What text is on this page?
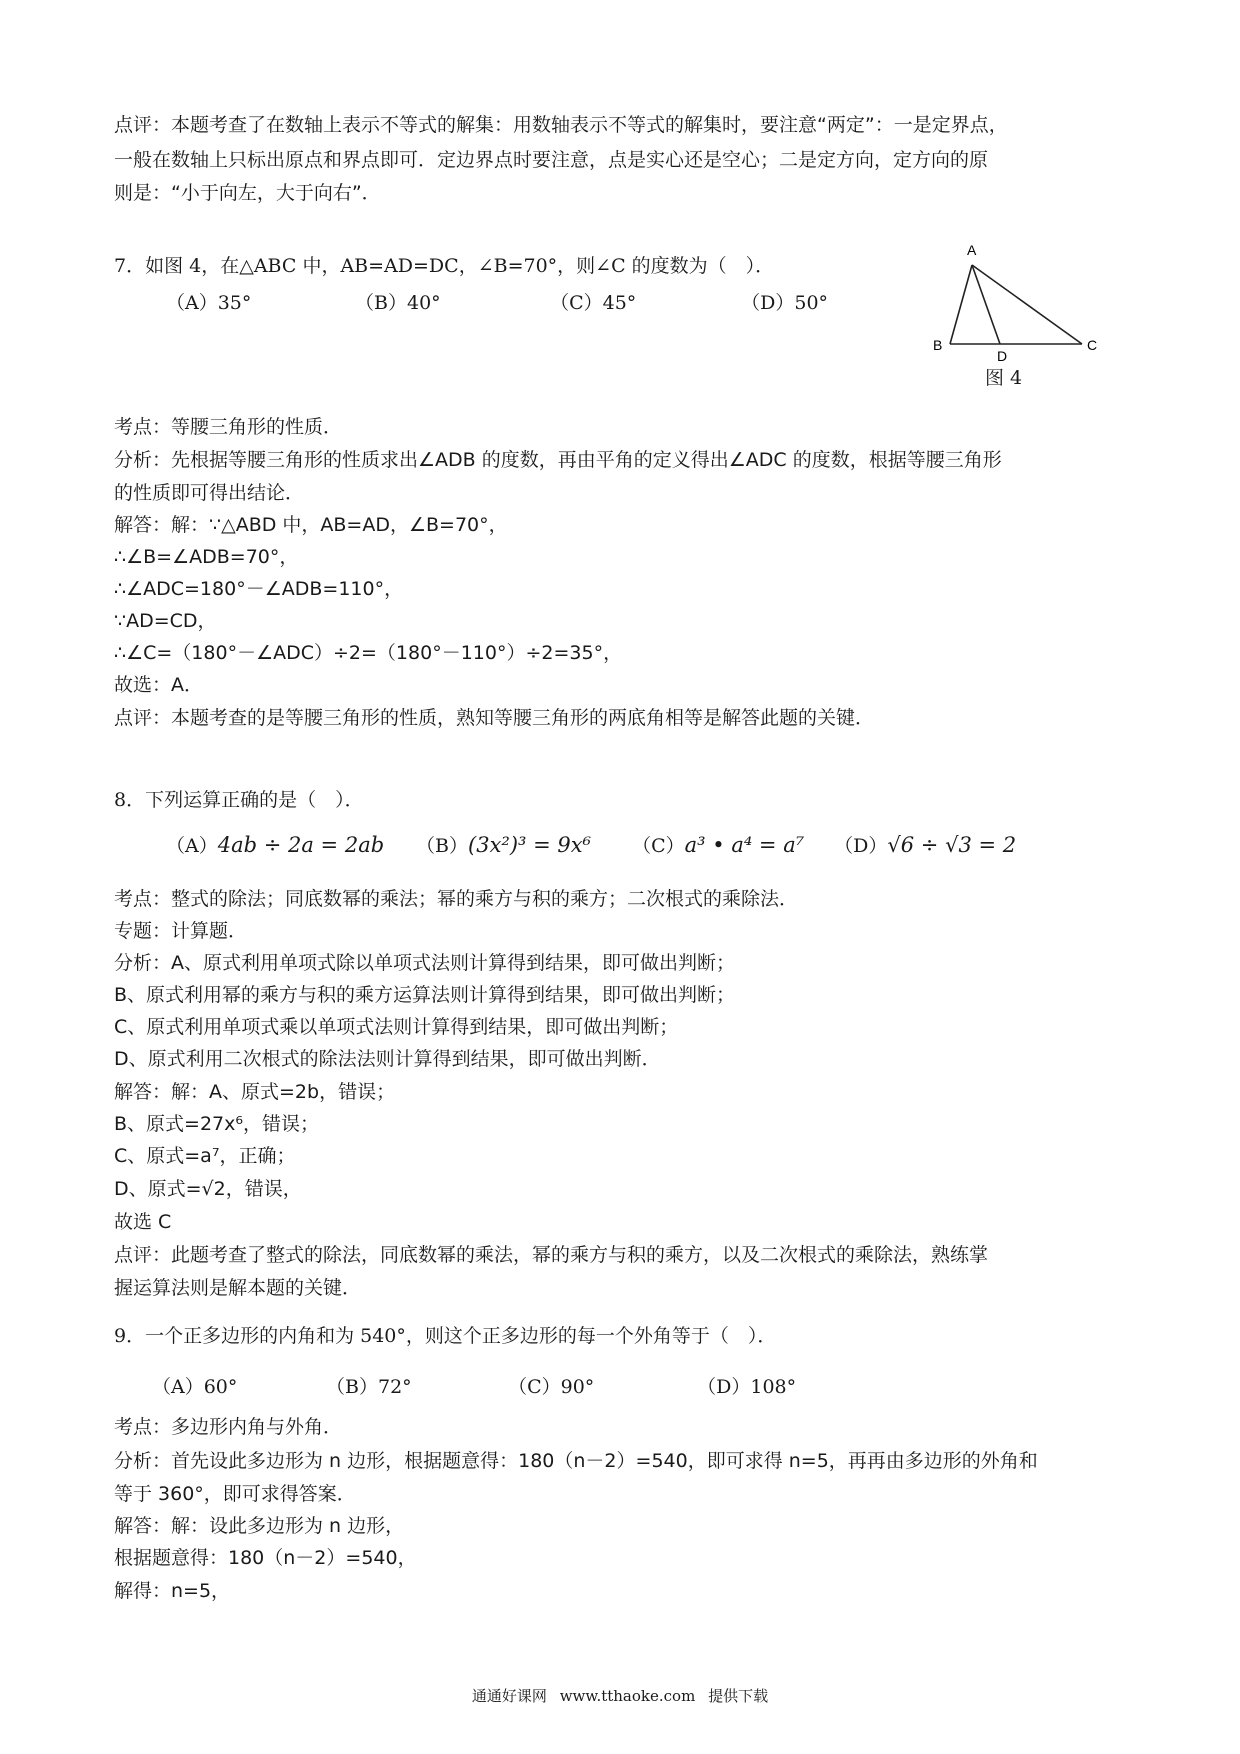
点评：本题考查了在数轴上表示不等式的解集：用数轴表示不等式的解集时，要注意“两定”：一是定界点，
一般在数轴上只标出原点和界点即可．定边界点时要注意，点是实心还是空心；二是定方向，定方向的原
则是：“小于向左，大于向右”．
7．如图 4，在△ABC 中，AB=AD=DC，∠B=70°，则∠C 的度数为（　）．
（A）35°	（B）40°	（C）45°	（D）50°
A
B
D
C
图 4
考点：等腰三角形的性质．
分析：先根据等腰三角形的性质求出∠ADB 的度数，再由平角的定义得出∠ADC 的度数，根据等腰三角形
的性质即可得出结论．
解答：解：∵△ABD 中，AB=AD，∠B=70°，
∴∠B=∠ADB=70°，
∴∠ADC=180°－∠ADB=110°，
∵AD=CD，
∴∠C=（180°－∠ADC）÷2=（180°－110°）÷2=35°，
故选：A．
点评：本题考查的是等腰三角形的性质，熟知等腰三角形的两底角相等是解答此题的关键．
8．下列运算正确的是（　）．
（A）4ab ÷ 2a = 2ab （B）(3x²)³ = 9x⁶ （C）a³ • a⁴ = a⁷ （D）√6 ÷ √3 = 2
考点：整式的除法；同底数幂的乘法；幂的乘方与积的乘方；二次根式的乘除法．
专题：计算题．
分析：A、原式利用单项式除以单项式法则计算得到结果，即可做出判断；
B、原式利用幂的乘方与积的乘方运算法则计算得到结果，即可做出判断；
C、原式利用单项式乘以单项式法则计算得到结果，即可做出判断；
D、原式利用二次根式的除法法则计算得到结果，即可做出判断．
解答：解：A、原式=2b，错误；
B、原式=27x⁶，错误；
C、原式=a⁷，正确；
D、原式=√2，错误，
故选 C
点评：此题考查了整式的除法，同底数幂的乘法，幂的乘方与积的乘方，以及二次根式的乘除法，熟练掌
握运算法则是解本题的关键．
9．一个正多边形的内角和为 540°，则这个正多边形的每一个外角等于（　）．
（A）60°	（B）72°	（C）90°	（D）108°
考点：多边形内角与外角．
分析：首先设此多边形为 n 边形，根据题意得：180（n－2）=540，即可求得 n=5，再再由多边形的外角和
等于 360°，即可求得答案．
解答：解：设此多边形为 n 边形，
根据题意得：180（n－2）=540，
解得：n=5，
通通好课网 www.tthaoke.com 提供下载
